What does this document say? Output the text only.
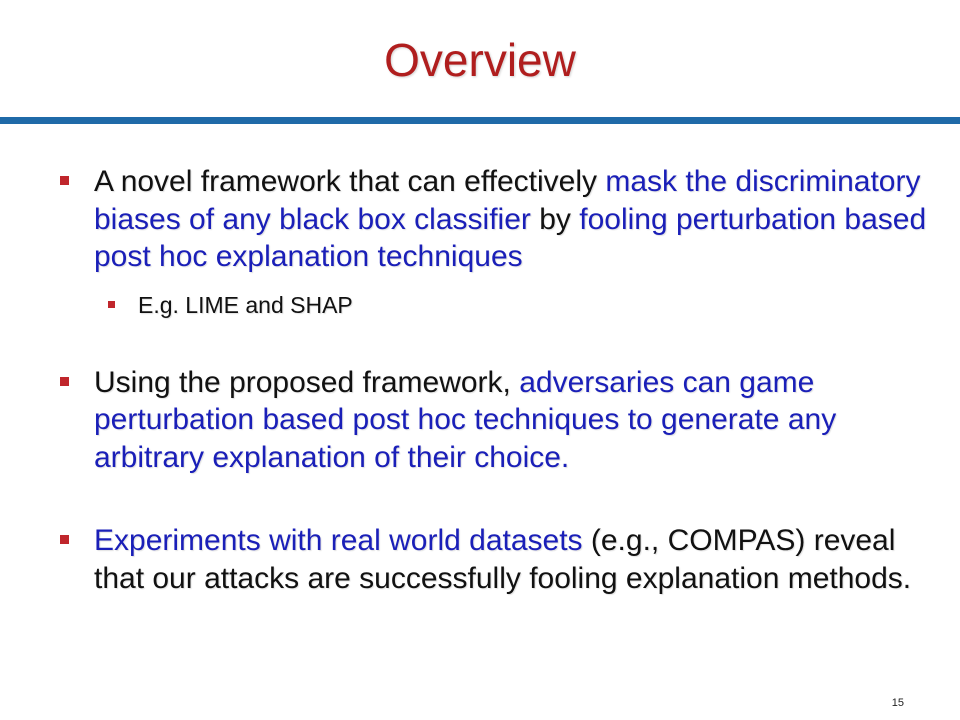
Overview
A novel framework that can effectively mask the discriminatory biases of any black box classifier by fooling perturbation based post hoc explanation techniques
E.g. LIME and SHAP
Using the proposed framework, adversaries can game perturbation based post hoc techniques to generate any arbitrary explanation of their choice.
Experiments with real world datasets (e.g., COMPAS) reveal that our attacks are successfully fooling explanation methods.
15
